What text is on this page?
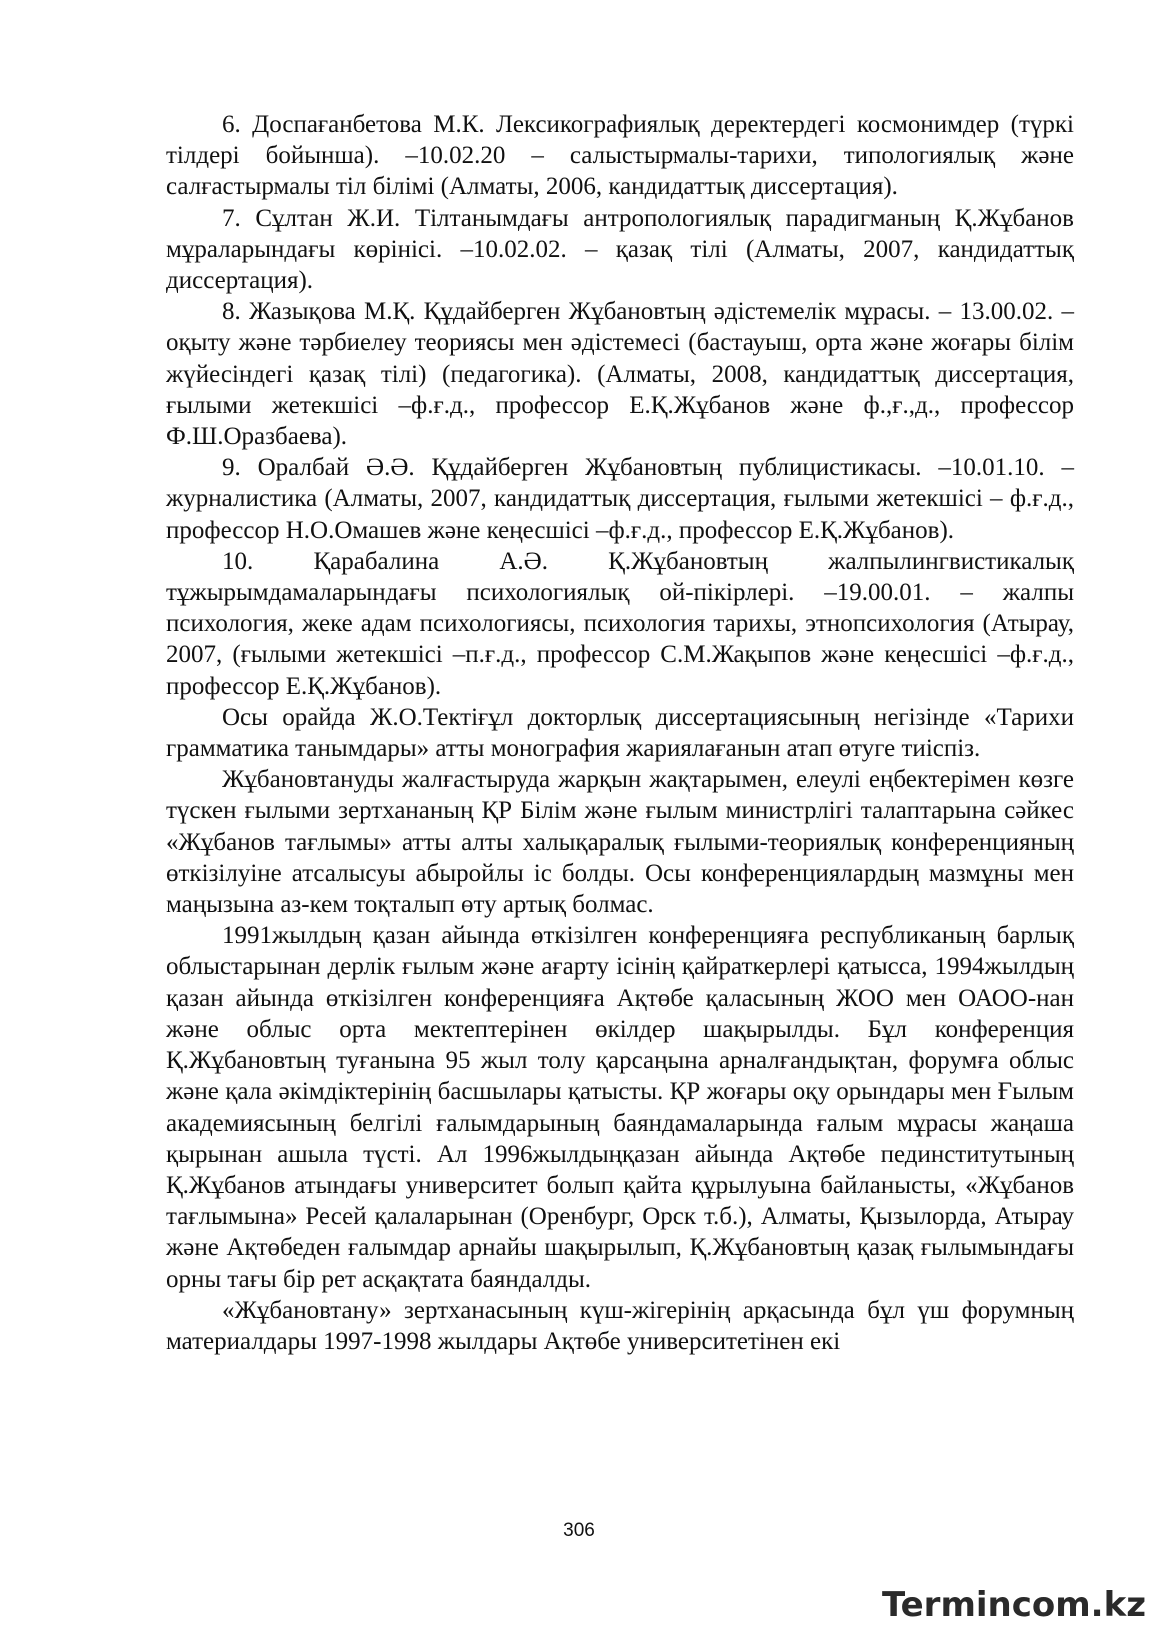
6. Доспағанбетова М.К. Лексикографиялық деректердегі космонимдер (түркі тілдері бойынша). –10.02.20 – салыстырмалы-тарихи, типологиялық және салғастырмалы тіл білімі (Алматы, 2006, кандидаттық диссертация).

7. Сұлтан Ж.И. Тілтанымдағы антропологиялық парадигманың Қ.Жұбанов мұраларындағы көрінісі. –10.02.02. – қазақ тілі (Алматы, 2007, кандидаттық диссертация).

8. Жазықова М.Қ. Құдайберген Жұбановтың әдістемелік мұрасы. – 13.00.02. – оқыту және тәрбиелеу теориясы мен әдістемесі (бастауыш, орта және жоғары білім жүйесіндегі қазақ тілі) (педагогика). (Алматы, 2008, кандидаттық диссертация, ғылыми жетекшісі –ф.ғ.д., профессор Е.Қ.Жұбанов және ф.,ғ.,д., профессор Ф.Ш.Оразбаева).

9. Оралбай Ә.Ә. Құдайберген Жұбановтың публицистикасы. –10.01.10. – журналистика (Алматы, 2007, кандидаттық диссертация, ғылыми жетекшісі – ф.ғ.д., профессор Н.О.Омашев және кеңесшісі –ф.ғ.д., профессор Е.Қ.Жұбанов).

10. Қарабалина А.Ә. Қ.Жұбановтың жалпылингвистикалық тұжырымдамаларындағы психологиялық ой-пікірлері. –19.00.01. – жалпы психология, жеке адам психологиясы, психология тарихы, этнопсихология (Атырау, 2007, (ғылыми жетекшісі –п.ғ.д., профессор С.М.Жақыпов және кеңесшісі –ф.ғ.д., профессор Е.Қ.Жұбанов).

Осы орайда Ж.О.Тектіғұл докторлық диссертациясының негізінде «Тарихи грамматика танымдары» атты монография жариялағанын атап өтуге тиіспіз.

Жұбановтануды жалғастыруда жарқын жақтарымен, елеулі еңбектерімен көзге түскен ғылыми зертхананың ҚР Білім және ғылым министрлігі талаптарына сәйкес «Жұбанов тағлымы» атты алты халықаралық ғылыми-теориялық конференцияның өткізілуіне атсалысуы абыройлы іс болды. Осы конференциялардың мазмұны мен маңызына аз-кем тоқталып өту артық болмас.

1991жылдың қазан айында өткізілген конференцияға республиканың барлық облыстарынан дерлік ғылым және ағарту ісінің қайраткерлері қатысса, 1994жылдың қазан айында өткізілген конференцияға Ақтөбе қаласының ЖОО мен ОАОО-нан және облыс орта мектептерінен өкілдер шақырылды. Бұл конференция Қ.Жұбановтың туғанына 95 жыл толу қарсаңына арналғандықтан, форумға облыс және қала әкімдіктерінің басшылары қатысты. ҚР жоғары оқу орындары мен Ғылым академиясының белгілі ғалымдарының баяндамаларында ғалым мұрасы жаңаша қырынан ашыла түсті. Ал 1996жылдыңқазан айында Ақтөбе пединститутының Қ.Жұбанов атындағы университет болып қайта құрылуына байланысты, «Жұбанов тағлымына» Ресей қалаларынан (Оренбург, Орск т.б.), Алматы, Қызылорда, Атырау және Ақтөбеден ғалымдар арнайы шақырылып, Қ.Жұбановтың қазақ ғылымындағы орны тағы бір рет асқақтата баяндалды.

«Жұбановтану» зертханасының күш-жігерінің арқасында бұл үш форумның материалдары 1997-1998 жылдары Ақтөбе университетінен екі

306
Termincom.kz
